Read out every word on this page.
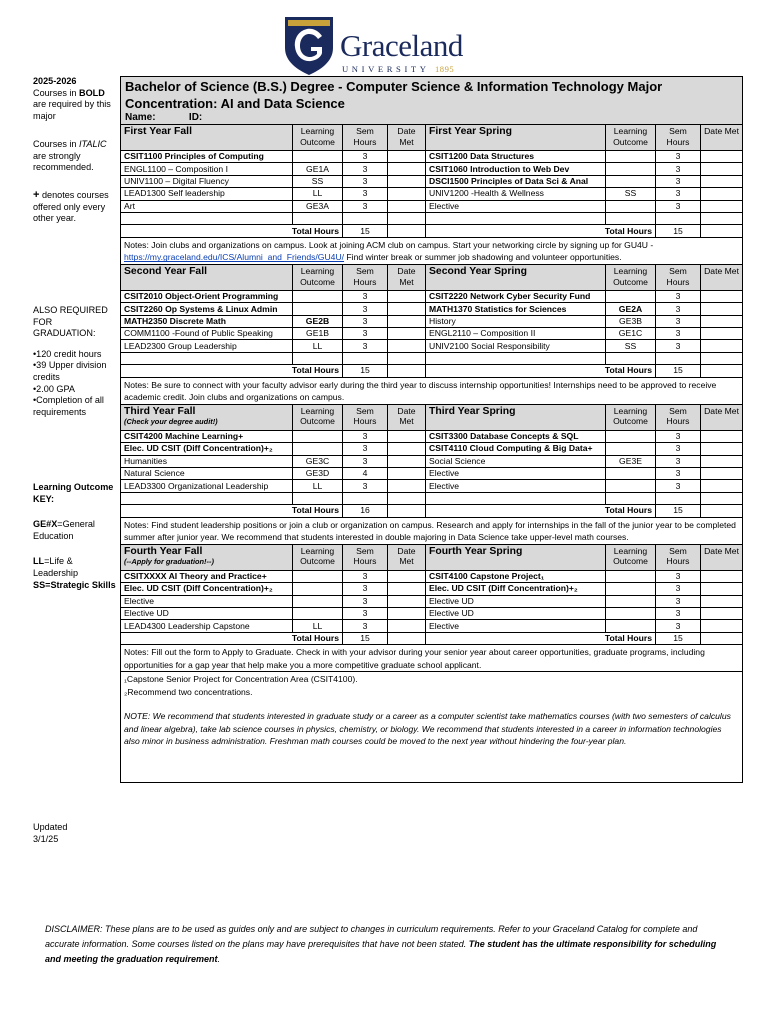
Graceland
UNIVERSITY 1895
2025-2026
Courses in BOLD are required by this major
Courses in ITALIC are strongly recommended.
+ denotes courses offered only every other year.
ALSO REQUIRED FOR GRADUATION:
•120 credit hours
•39 Upper division credits
•2.00 GPA
•Completion of all requirements
Learning Outcome KEY:
GE#X=General Education
LL=Life & Leadership
SS=Strategic Skills
Updated
3/1/25
Bachelor of Science (B.S.) Degree - Computer Science & Information Technology Major
Concentration: AI and Data Science
Name: ID:							

First Year Fall	Learning Outcome	Sem Hours	Date Met	First Year Spring	Learning Outcome	Sem Hours	Date Met
CSIT1100 Principles of Computing		3		CSIT1200 Data Structures		3	
ENGL1100 – Composition I	GE1A	3		CSIT1060 Introduction to Web Dev		3	
UNIV1100 – Digital Fluency	SS	3		DSCI1500 Principles of Data Sci & Anal		3	
LEAD1300 Self leadership	LL	3		UNIV1200 -Health & Wellness	SS	3	
Art	GE3A	3		Elective		3	

Total Hours		15		Total Hours		15	
Notes: Join clubs and organizations on campus. Look at joining ACM club on campus. Start your networking circle by signing up for GU4U - https://my.graceland.edu/ICS/Alumni_and_Friends/GU4U/ Find winter break or summer job shadowing and volunteer opportunities.							
Second Year Fall	Learning Outcome	Sem Hours	Date Met	Second Year Spring	Learning Outcome	Sem Hours	Date Met
CSIT2010 Object-Orient Programming		3		CSIT2220 Network Cyber Security Fund		3	
CSIT2260 Op Systems & Linux Admin		3		MATH1370 Statistics for Sciences	GE2A	3	
MATH2350 Discrete Math	GE2B	3		History	GE3B	3	
COMM1100 -Found of Public Speaking	GE1B	3		ENGL2110 – Composition II	GE1C	3	
LEAD2300 Group Leadership	LL	3		UNIV2100 Social Responsibility	SS	3	

Total Hours		15		Total Hours		15	
Notes: Be sure to connect with your faculty advisor early during the third year to discuss internship opportunities! Internships need to be approved to receive academic credit. Join clubs and organizations on campus.							
Third Year Fall
(Check your degree audit!)	Learning Outcome	Sem Hours	Date Met	Third Year Spring	Learning Outcome	Sem Hours	Date Met
CSIT4200 Machine Learning+		3		CSIT3300 Database Concepts & SQL		3	
Elec. UD CSIT (Diff Concentration)+₂		3		CSIT4110 Cloud Computing & Big Data+		3	
Humanities	GE3C	3		Social Science	GE3E	3	
Natural Science	GE3D	4		Elective		3	
LEAD3300 Organizational Leadership	LL	3		Elective		3	

Total Hours		16		Total Hours		15	
Notes: Find student leadership positions or join a club or organization on campus. Research and apply for internships in the fall of the junior year to be completed summer after junior year. We recommend that students interested in double majoring in Data Science take upper-level math courses.							
Fourth Year Fall
(--Apply for graduation!--)	Learning Outcome	Sem Hours	Date Met	Fourth Year Spring	Learning Outcome	Sem Hours	Date Met
CSITXXXX AI Theory and Practice+		3		CSIT4100 Capstone Project₁		3	
Elec. UD CSIT (Diff Concentration)+₂		3		Elec. UD CSIT (Diff Concentration)+₂		3	
Elective		3		Elective UD		3	
Elective UD		3		Elective UD		3	
LEAD4300 Leadership Capstone	LL	3		Elective		3	
Total Hours		15		Total Hours		15	
Notes: Fill out the form to Apply to Graduate. Check in with your advisor during your senior year about career opportunities, graduate programs, including opportunities for a gap year that help make you a more competitive graduate school applicant.							

₁Capstone Senior Project for Concentration Area (CSIT4100).

₂Recommend two concentrations.

NOTE: We recommend that students interested in graduate study or a career as a computer scientist take mathematics courses (with two semesters of calculus and linear algebra), take lab science courses in physics, chemistry, or biology. We recommend that students interested in a career in information technologies also minor in business administration. Freshman math courses could be moved to the next year without hindering the four-year plan.							

DISCLAIMER: These plans are to be used as guides only and are subject to changes in curriculum requirements. Refer to your Graceland Catalog for complete and accurate information. Some courses listed on the plans may have prerequisites that have not been stated. The student has the ultimate responsibility for scheduling and meeting the graduation requirement.
